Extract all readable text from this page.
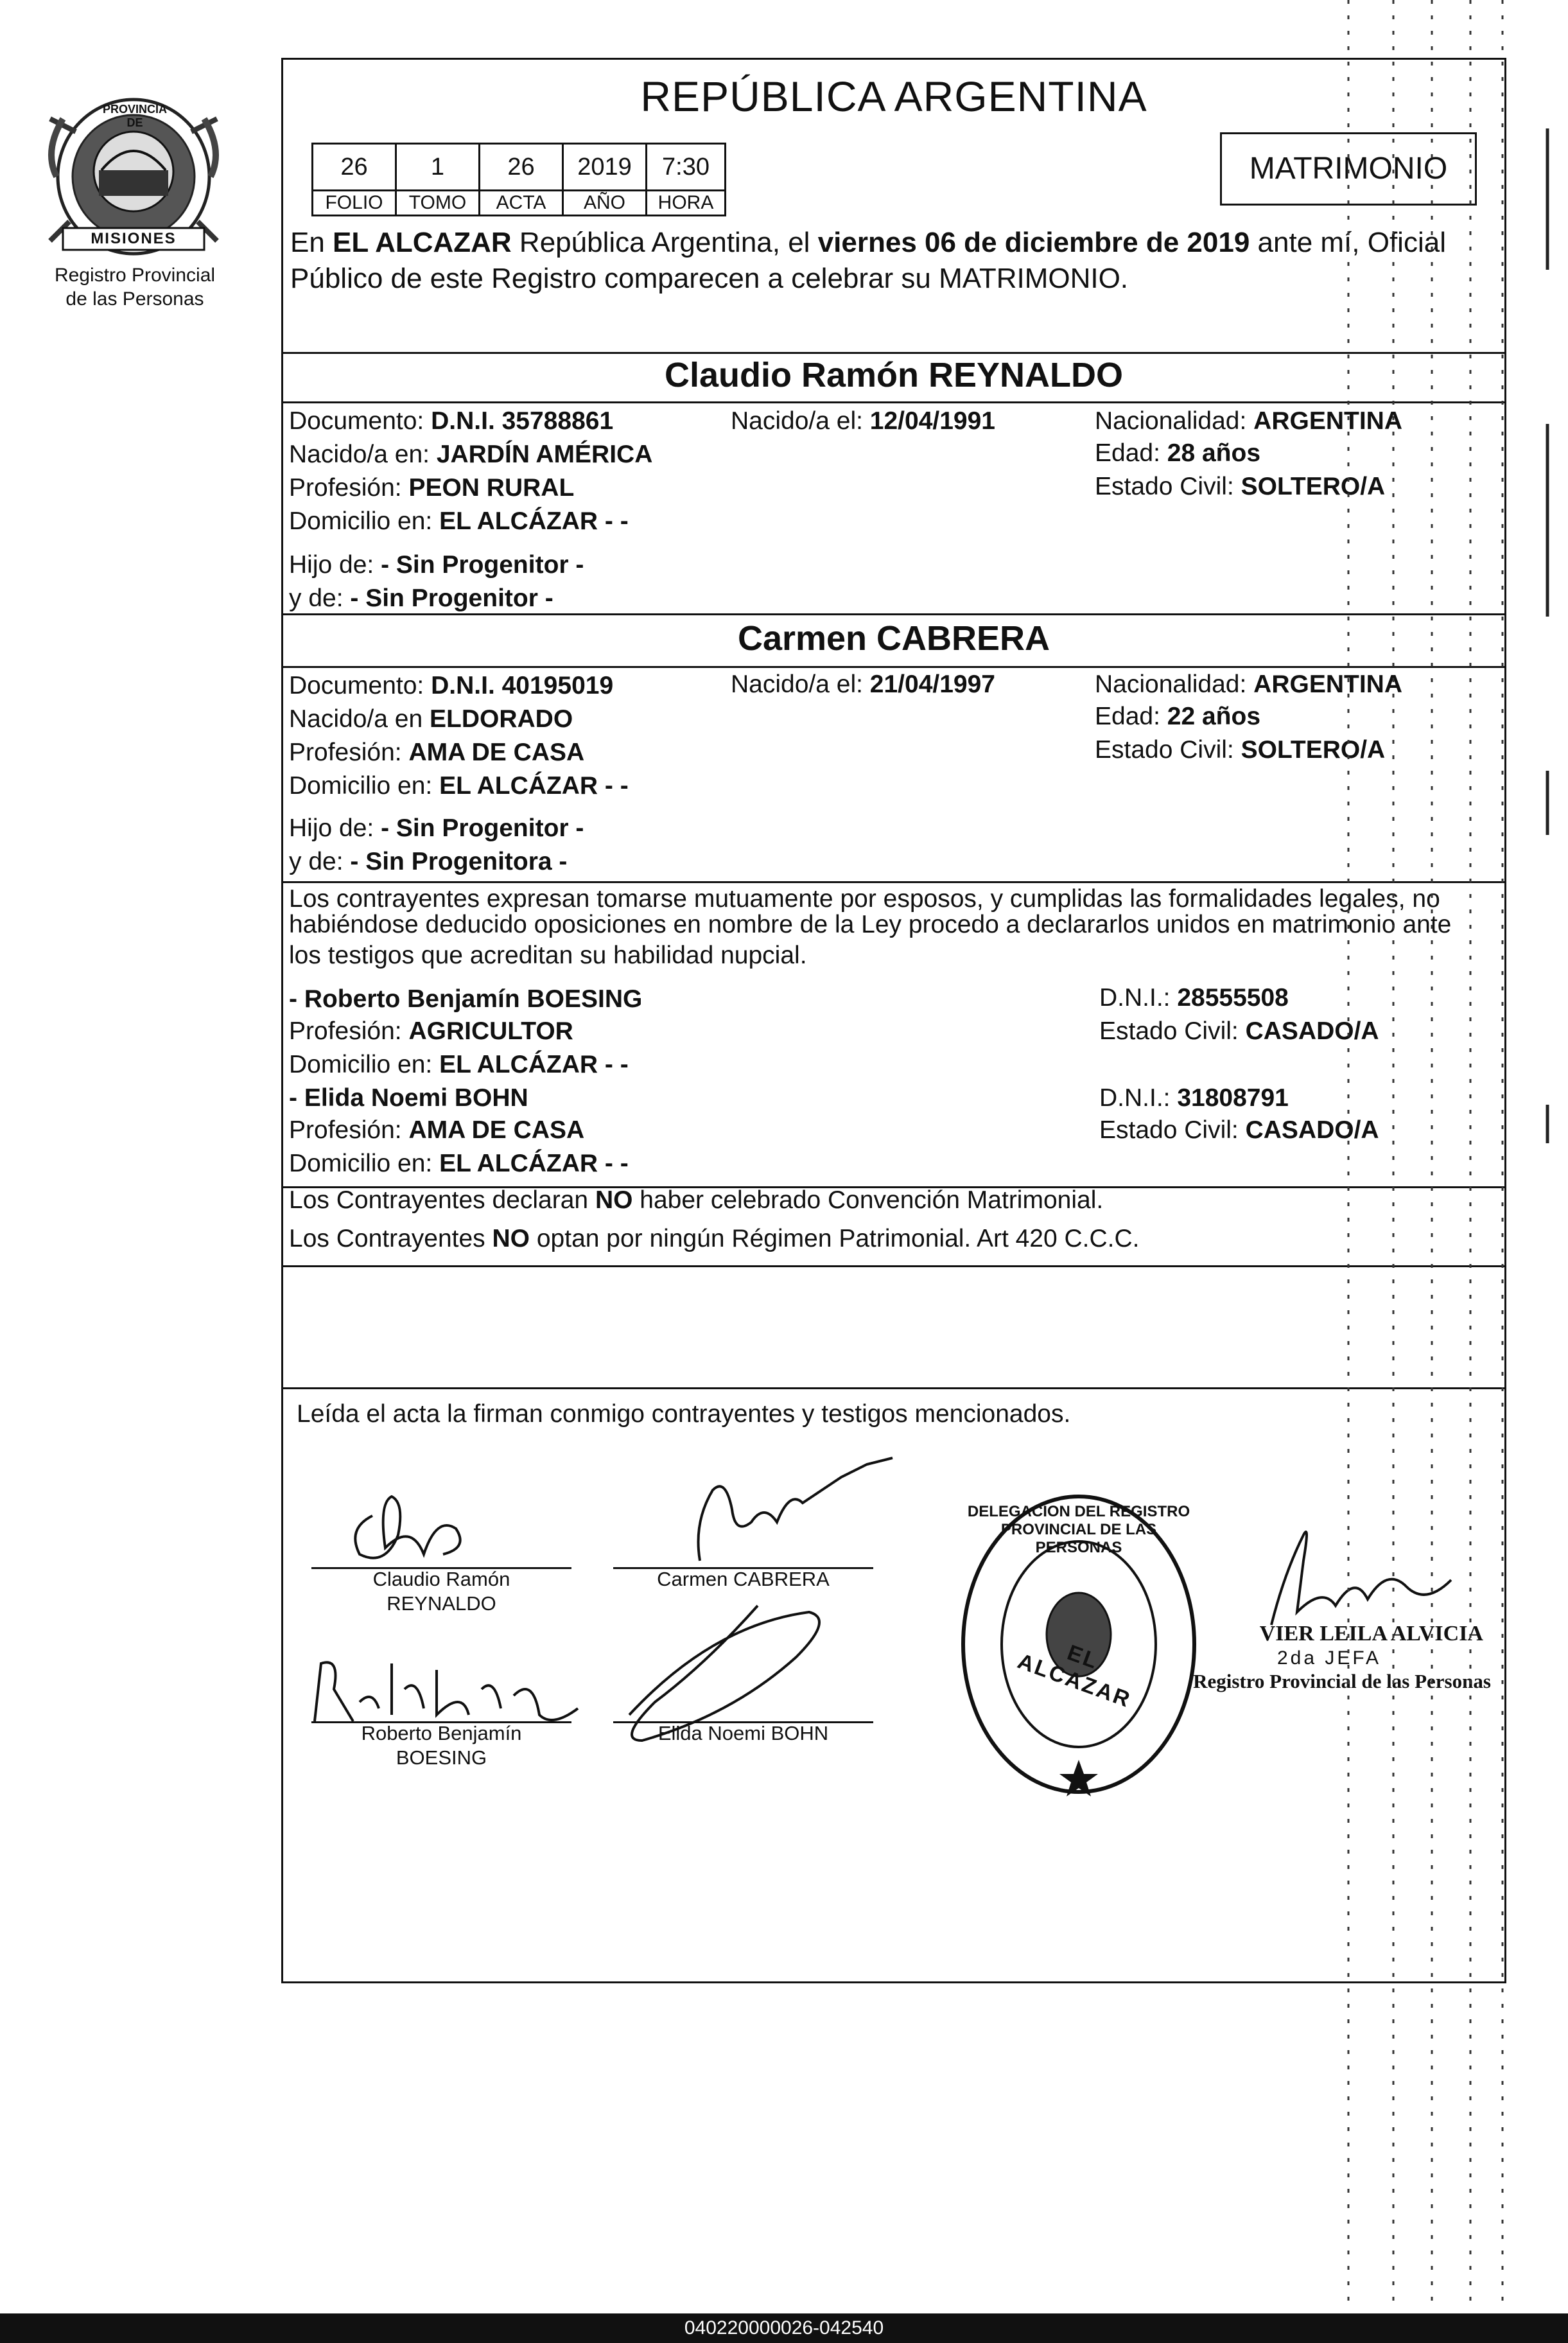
PROVINCIA DE
MISIONES
Registro Provincial
de las Personas
REPÚBLICA ARGENTINA
26	1	26	2019	7:30
FOLIO	TOMO	ACTA	AÑO	HORA
MATRIMONIO
En EL ALCAZAR República Argentina, el viernes 06 de diciembre de 2019 ante mí, Oficial
Público de este Registro comparecen a celebrar su MATRIMONIO.
Claudio Ramón REYNALDO
Documento: D.N.I. 35788861	Nacido/a el: 12/04/1991	Nacionalidad: ARGENTINA
Nacido/a en: JARDÍN AMÉRICA	Edad: 28 años
Profesión: PEON RURAL	Estado Civil: SOLTERO/A
Domicilio en: EL ALCÁZAR - -
Hijo de: - Sin Progenitor -
y de: - Sin Progenitor -
Carmen CABRERA
Documento: D.N.I. 40195019	Nacido/a el: 21/04/1997	Nacionalidad: ARGENTINA
Nacido/a en ELDORADO	Edad: 22 años
Profesión: AMA DE CASA	Estado Civil: SOLTERO/A
Domicilio en: EL ALCÁZAR - -
Hijo de: - Sin Progenitor -
y de: - Sin Progenitora -
Los contrayentes expresan tomarse mutuamente por esposos, y cumplidas las formalidades legales, no
habiéndose deducido oposiciones en nombre de la Ley procedo a declararlos unidos en matrimonio ante
los testigos que acreditan su habilidad nupcial.
- Roberto Benjamín BOESING	D.N.I.: 28555508
Profesión: AGRICULTOR	Estado Civil: CASADO/A
Domicilio en: EL ALCÁZAR - -
- Elida Noemi BOHN	D.N.I.: 31808791
Profesión: AMA DE CASA	Estado Civil: CASADO/A
Domicilio en: EL ALCÁZAR - -
Los Contrayentes declaran NO haber celebrado Convención Matrimonial.
Los Contrayentes NO optan por ningún Régimen Patrimonial. Art 420 C.C.C.
Leída el acta la firman conmigo contrayentes y testigos mencionados.
Claudio Ramón
REYNALDO
Carmen CABRERA
Roberto Benjamín
BOESING
Elida Noemi BOHN
DELEGACION DEL REGISTRO PROVINCIAL DE LAS PERSONAS
EL ALCAZAR
VIER LEILA ALVICIA
2da JEFA
Registro Provincial de las Personas
040220000026-042540
